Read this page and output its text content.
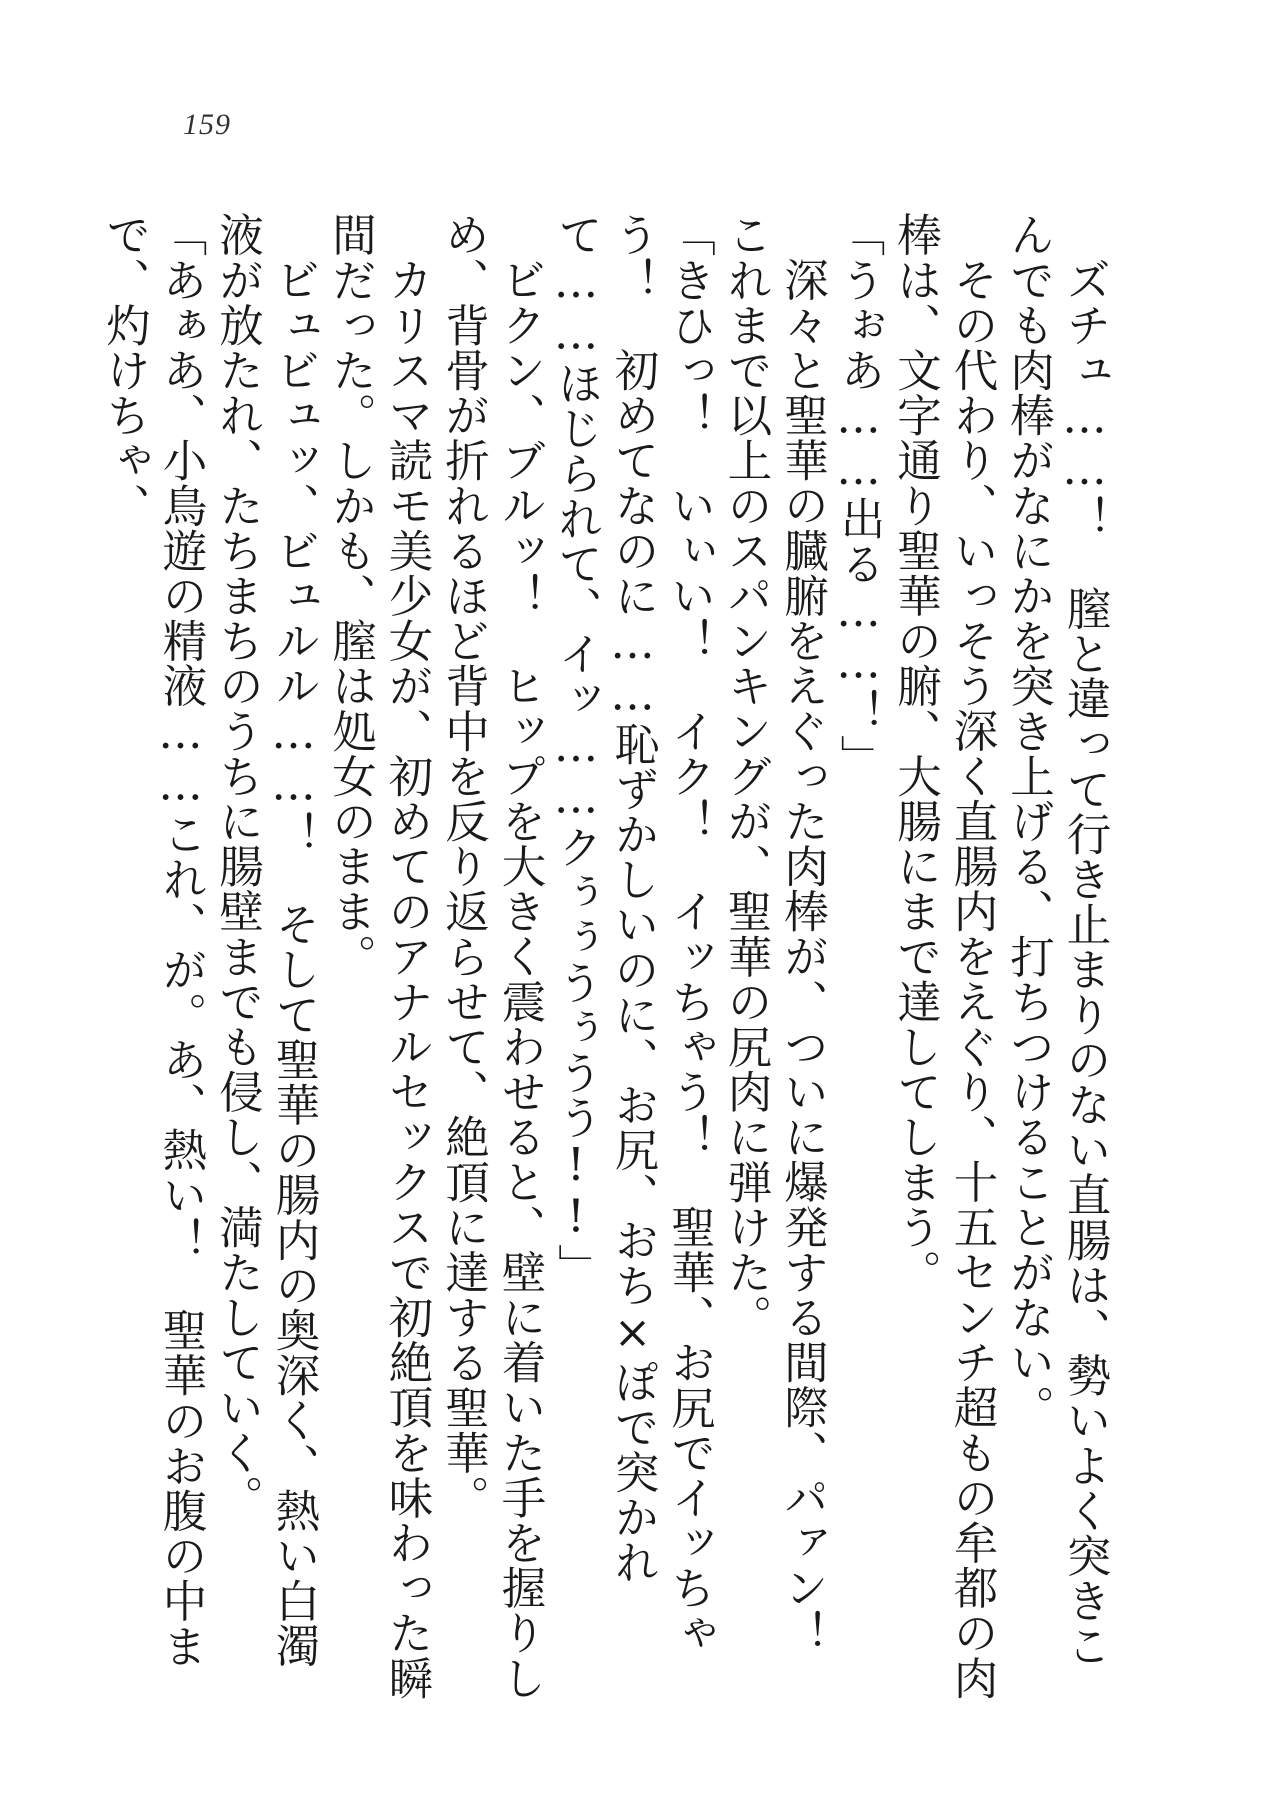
159

ズチュ……！　膣と違って行き止まりのない直腸は、勢いよく突きこんでも肉棒がなにかを突き上げる、打ちつけることがない。

その代わり、いっそう深く直腸内をえぐり、十五センチ超もの牟都の肉棒は、文字通り聖華の腑、大腸にまで達してしまう。

「うぉあ……出る……！」

深々と聖華の臓腑をえぐった肉棒が、ついに爆発する間際、パァン！　これまで以上のスパンキングが、聖華の尻肉に弾けた。

「きひっ！　いぃい！　イク！　イッちゃう！　聖華、お尻でイッちゃう！　初めてなのに……恥ずかしいのに、お尻、おち×ぽで突かれて……ほじられて、イッ……クぅぅうぅうう!!」

ビクン、ブルッ！　ヒップを大きく震わせると、壁に着いた手を握りしめ、背骨が折れるほど背中を反り返らせて、絶頂に達する聖華。

カリスマ読モ美少女が、初めてのアナルセックスで初絶頂を味わった瞬間だった。しかも、膣は処女のまま。

ビュビュッ、ビュルル……！　そして聖華の腸内の奥深く、熱い白濁液が放たれ、たちまちのうちに腸壁までも侵し、満たしていく。

「あぁあ、小鳥遊の精液……これ、が。あ、熱い！　聖華のお腹の中まで、灼けちゃ、
